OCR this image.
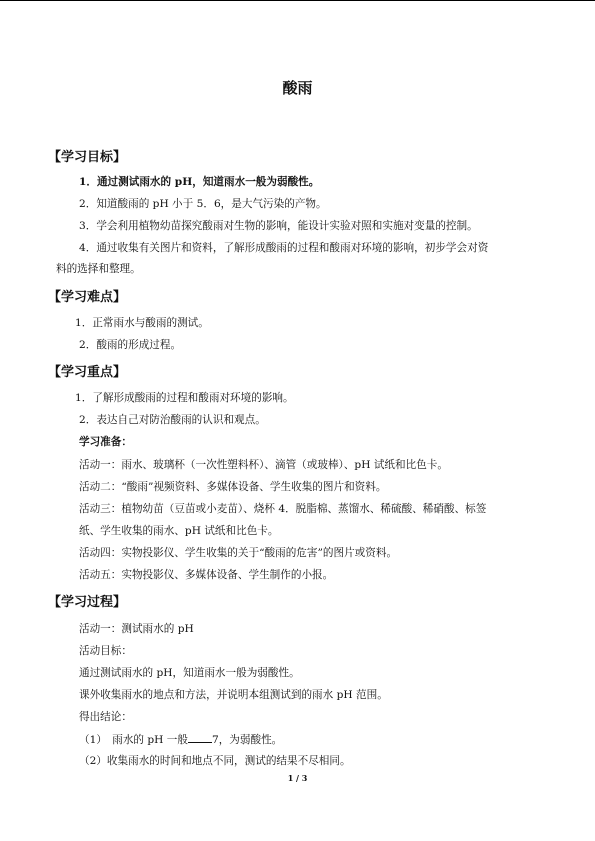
酸雨
【学习目标】
1．通过测试雨水的 pH，知道雨水一般为弱酸性。
2．知道酸雨的 pH 小于 5．6，是大气污染的产物。
3．学会利用植物幼苗探究酸雨对生物的影响，能设计实验对照和实施对变量的控制。
4．通过收集有关图片和资料，了解形成酸雨的过程和酸雨对环境的影响，初步学会对资
料的选择和整理。
【学习难点】
1．正常雨水与酸雨的测试。
2．酸雨的形成过程。
【学习重点】
1．了解形成酸雨的过程和酸雨对环境的影响。
2．表达自己对防治酸雨的认识和观点。
学习准备：
活动一：雨水、玻璃杯（一次性塑料杯）、滴管（或玻棒）、pH 试纸和比色卡。
活动二：“酸雨”视频资料、多媒体设备、学生收集的图片和资料。
活动三：植物幼苗（豆苗或小麦苗）、烧杯 4．脱脂棉、蒸馏水、稀硫酸、稀硝酸、标签
纸、学生收集的雨水、pH 试纸和比色卡。
活动四：实物投影仪、学生收集的关于“酸雨的危害”的图片或资料。
活动五：实物投影仪、多媒体设备、学生制作的小报。
【学习过程】
活动一：测试雨水的 pH
活动目标：
通过测试雨水的 pH，知道雨水一般为弱酸性。
课外收集雨水的地点和方法，并说明本组测试到的雨水 pH 范围。
得出结论：
（1）　雨水的 pH 一般 7，为弱酸性。
（2）收集雨水的时间和地点不同，测试的结果不尽相同。
1 / 3
